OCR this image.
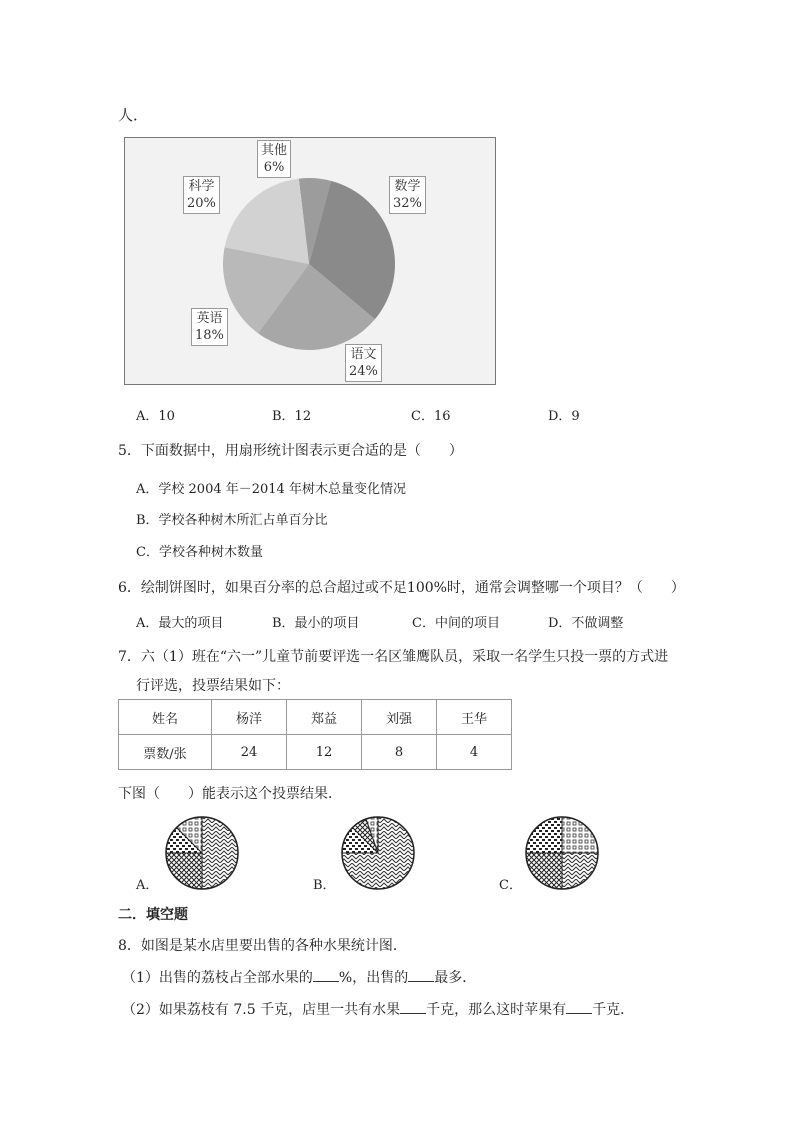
人．
其他
6%
科学
20%
数学
32%
英语
18%
语文
24%
A．10	B．12	C．16	D．9
5．下面数据中，用扇形统计图表示更合适的是（　　）
A．学校 2004 年－2014 年树木总量变化情况
B．学校各种树木所汇占单百分比
C．学校各种树木数量
6．绘制饼图时，如果百分率的总合超过或不足100%时，通常会调整哪一个项目？（　　）
A．最大的项目	B．最小的项目	C．中间的项目	D．不做调整
7．六（1）班在“六一”儿童节前要评选一名区雏鹰队员，采取一名学生只投一票的方式进
行评选，投票结果如下：
姓名	杨洋	郑益	刘强	王华
票数/张	24	12	8	4
下图（　　）能表示这个投票结果．
A．	B．	C．
二．填空题
8．如图是某水店里要出售的各种水果统计图．
（1）出售的荔枝占全部水果的 %，出售的 最多．
（2）如果荔枝有 7.5 千克，店里一共有水果 千克，那么这时苹果有 千克．
